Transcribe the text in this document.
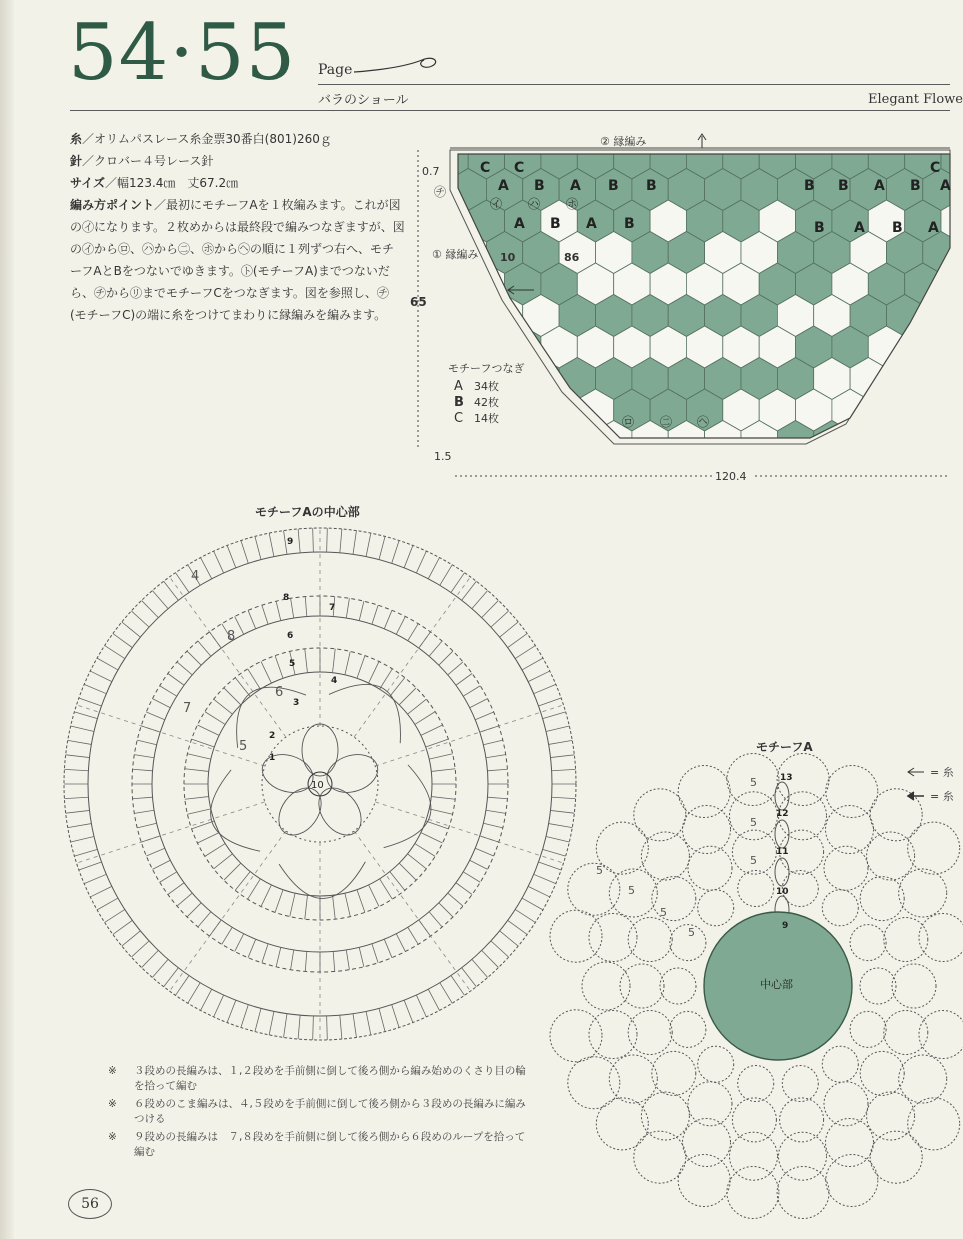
54·55 Page
バラのショール	Elegant Flowe

糸／オリムパスレース糸金票30番白(801)260ｇ

針／クロバー４号レース針

サイズ／幅123.4㎝　丈67.2㎝

編み方ポイント／最初にモチーフAを１枚編みます。これが図の㋑になります。２枚めからは最終段で編みつなぎますが、図の㋑から㋺、㋩から㊁、㋭から㋬の順に１列ずつ右へ、モチーフAとBをつないでゆきます。㋣(モチーフA)までつないだら、㋠から㋷までモチーフCをつなぎます。図を参照し、㋠(モチーフC)の端に糸をつけてまわりに縁編みを編みます。

0.7
65
1.5
120.4
② 縁編み
① 縁編み 10	86
㋠
モチーフつなぎ
A 34枚
B 42枚
C 14枚	㋺ ㊁ ㋬
C C	C
A B A B B	B B A B A
A B A B	B A B A
㋑ ㋩ ㋭
モチーフAの中心部
10
4
5
6
7
8
1
2
3
4
5
6
7
8
9
モチーフA
中心部
9
10
11
12
13
5
5
5
5
5
5
5
= 糸
= 糸
※	３段めの長編みは、１,２段めを手前側に倒して後ろ側から編み始めのくさり目の輪を拾って編む
※	６段めのこま編みは、４,５段めを手前側に倒して後ろ側から３段めの長編みに編みつける
※	９段めの長編みは　７,８段めを手前側に倒して後ろ側から６段めのループを拾って編む
56
